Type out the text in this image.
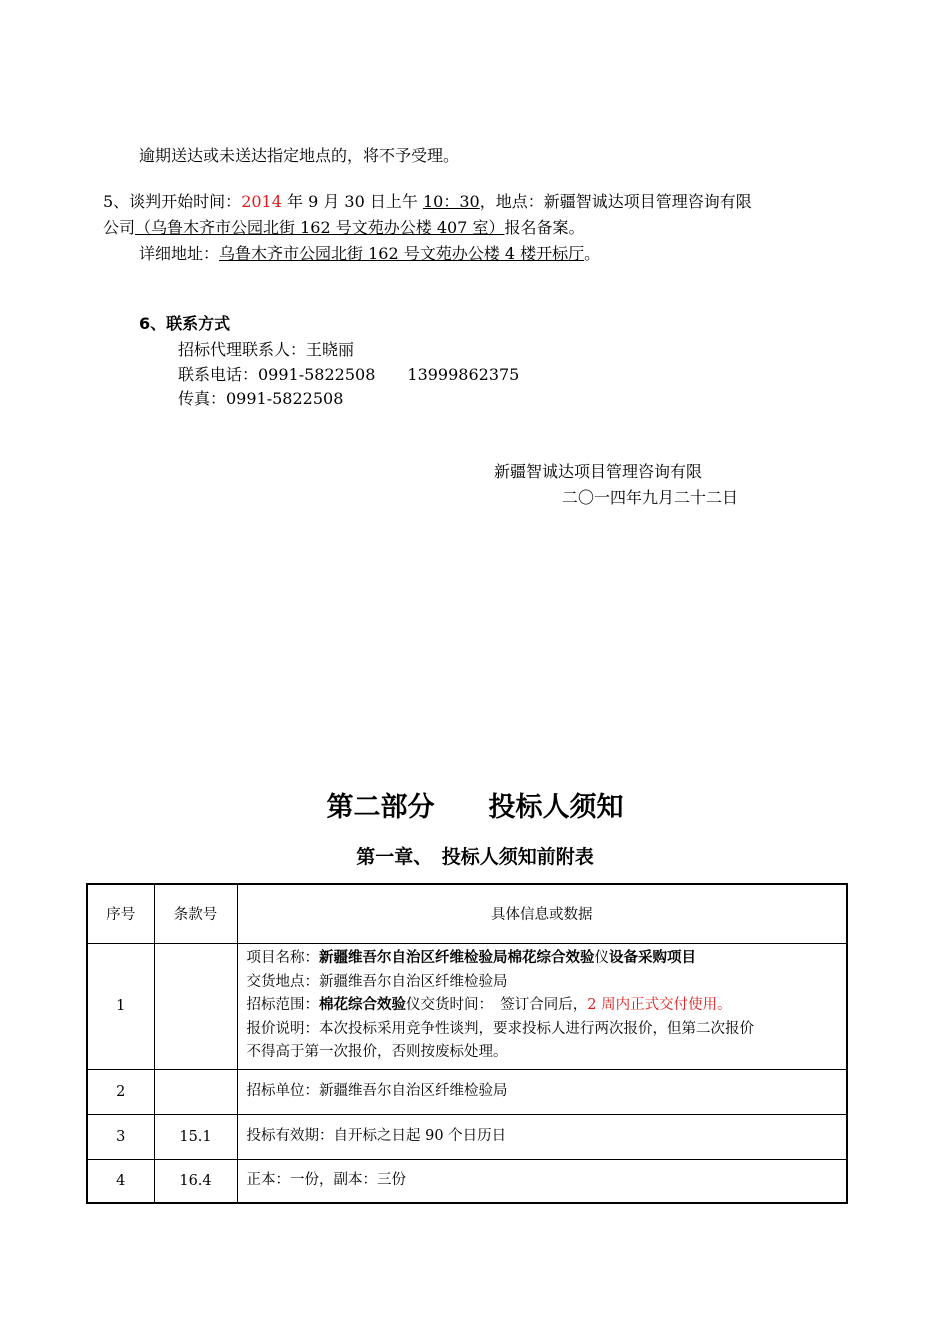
逾期送达或未送达指定地点的，将不予受理。
5、谈判开始时间：2014 年 9 月 30 日上午 10：30，地点：新疆智诚达项目管理咨询有限
公司（乌鲁木齐市公园北街 162 号文苑办公楼 407 室）报名备案。
详细地址：乌鲁木齐市公园北街 162 号文苑办公楼 4 楼开标厅。
6、联系方式
招标代理联系人：王晓丽
联系电话：0991-5822508　　13999862375
传真：0991-5822508
新疆智诚达项目管理咨询有限
二〇一四年九月二十二日
第二部分　　投标人须知
第一章、　投标人须知前附表
序号	条款号	具体信息或数据
1		项目名称：新疆维吾尔自治区纤维检验局棉花综合效验仪设备采购项目
交货地点：新疆维吾尔自治区纤维检验局
招标范围：棉花综合效验仪交货时间：　签订合同后，2 周内正式交付使用。
报价说明：本次投标采用竞争性谈判，要求投标人进行两次报价，但第二次报价
不得高于第一次报价，否则按废标处理。

2		招标单位：新疆维吾尔自治区纤维检验局
3	15.1	投标有效期：自开标之日起 90 个日历日
4	16.4	正本：一份，副本：三份
